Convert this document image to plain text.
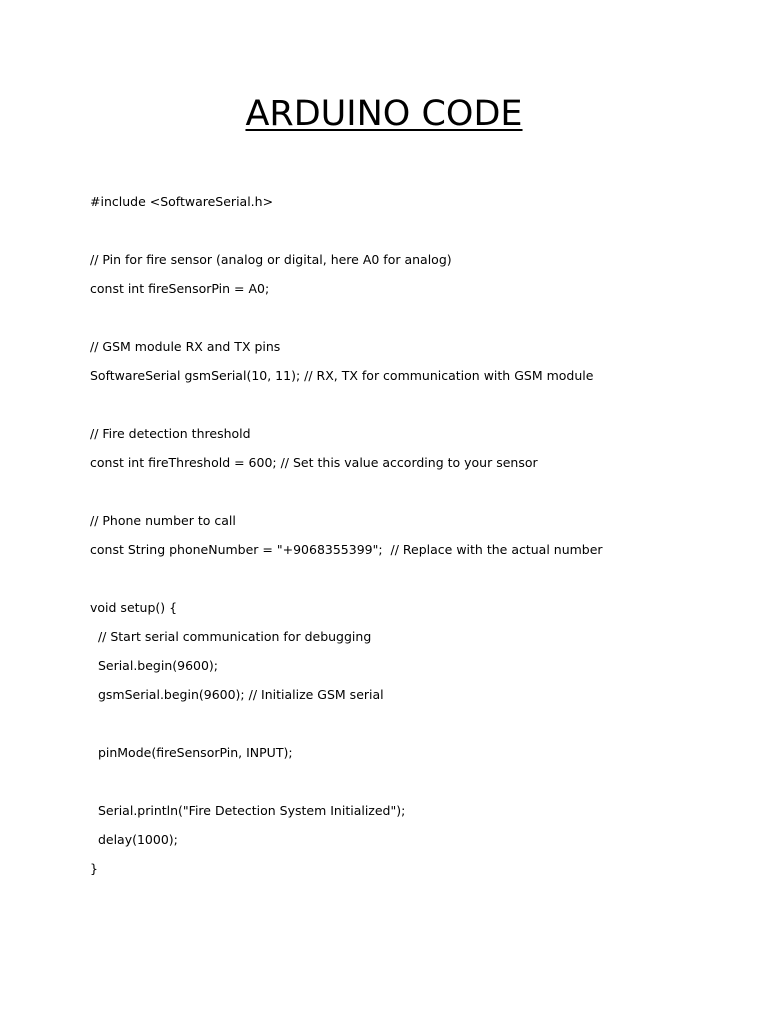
ARDUINO CODE
#include <SoftwareSerial.h>
// Pin for fire sensor (analog or digital, here A0 for analog)
const int fireSensorPin = A0;
// GSM module RX and TX pins
SoftwareSerial gsmSerial(10, 11); // RX, TX for communication with GSM module
// Fire detection threshold
const int fireThreshold = 600; // Set this value according to your sensor
// Phone number to call
const String phoneNumber = "+9068355399";  // Replace with the actual number
void setup() {
// Start serial communication for debugging
Serial.begin(9600);
gsmSerial.begin(9600); // Initialize GSM serial
pinMode(fireSensorPin, INPUT);
Serial.println("Fire Detection System Initialized");
delay(1000);
}
